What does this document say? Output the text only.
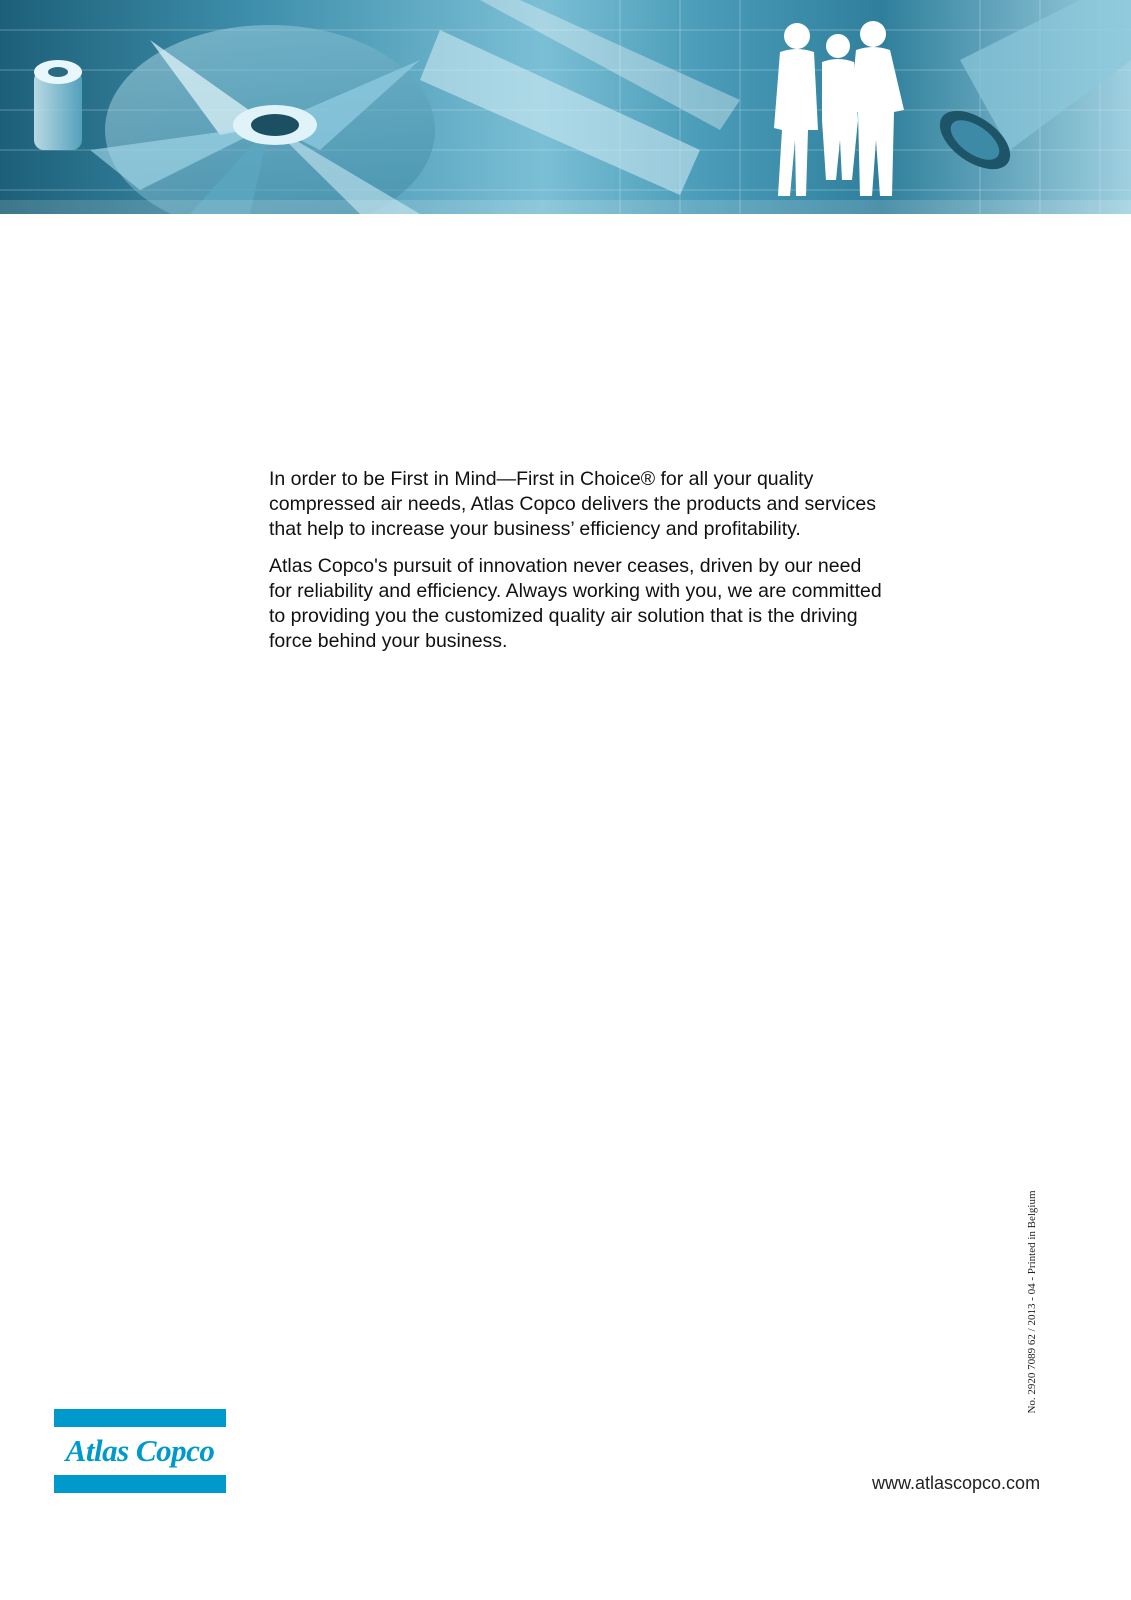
In order to be First in Mind—First in Choice® for all your quality compressed air needs, Atlas Copco delivers the products and services that help to increase your business’ efficiency and profitability.

Atlas Copco's pursuit of innovation never ceases, driven by our need for reliability and efficiency. Always working with you, we are committed to providing you the customized quality air solution that is the driving force behind your business.

No. 2920 7089 62 / 2013 - 04 - Printed in Belgium
Atlas Copco
www.atlascopco.com
